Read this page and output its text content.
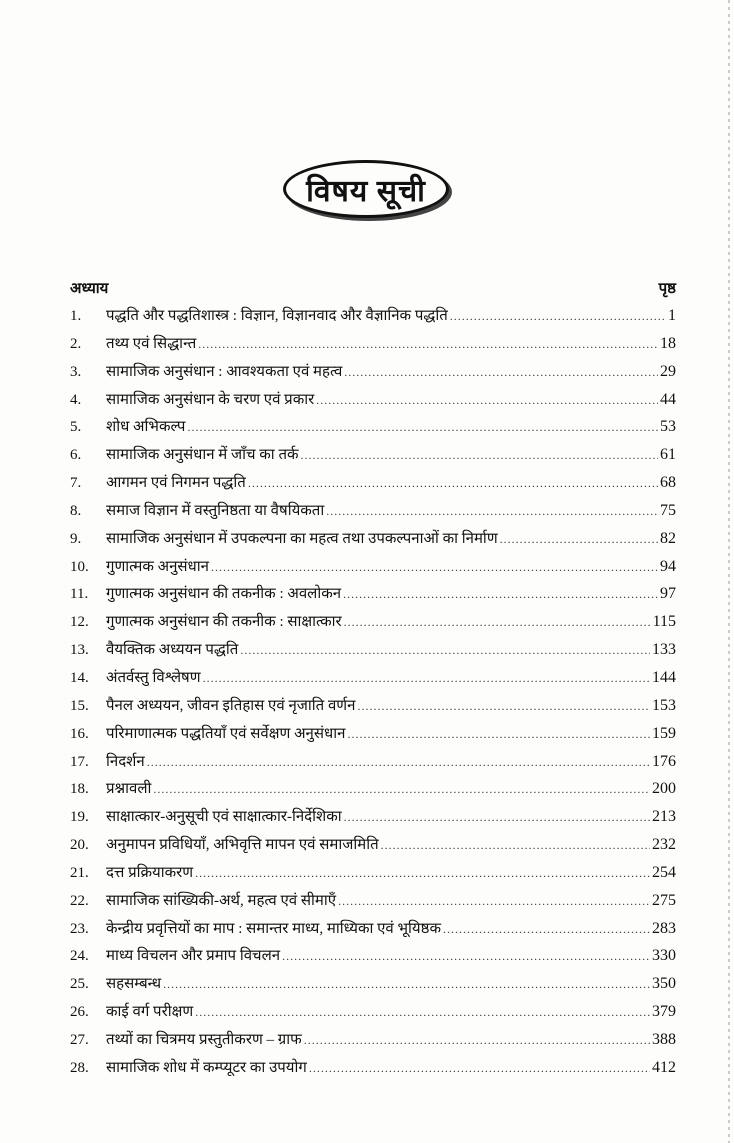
विषय सूची
अध्याय	पृष्ठ
1.	पद्धति और पद्धतिशास्त्र : विज्ञान, विज्ञानवाद और वैज्ञानिक पद्धति .....	1
2.	तथ्य एवं सिद्धान्त .....	18
3.	सामाजिक अनुसंधान : आवश्यकता एवं महत्व .....	29
4.	सामाजिक अनुसंधान के चरण एवं प्रकार .....	44
5.	शोध अभिकल्प .....	53
6.	सामाजिक अनुसंधान में जाँच का तर्क .....	61
7.	आगमन एवं निगमन पद्धति .....	68
8.	समाज विज्ञान में वस्तुनिष्ठता या वैषयिकता .....	75
9.	सामाजिक अनुसंधान में उपकल्पना का महत्व तथा उपकल्पनाओं का निर्माण .....	82
10.	गुणात्मक अनुसंधान .....	94
11.	गुणात्मक अनुसंधान की तकनीक : अवलोकन .....	97
12.	गुणात्मक अनुसंधान की तकनीक : साक्षात्कार .....	115
13.	वैयक्तिक अध्ययन पद्धति .....	133
14.	अंतर्वस्तु विश्लेषण .....	144
15.	पैनल अध्ययन, जीवन इतिहास एवं नृजाति वर्णन .....	153
16.	परिमाणात्मक पद्धतियाँ एवं सर्वेक्षण अनुसंधान .....	159
17.	निदर्शन .....	176
18.	प्रश्नावली .....	200
19.	साक्षात्कार-अनुसूची एवं साक्षात्कार-निर्देशिका .....	213
20.	अनुमापन प्रविधियाँ, अभिवृत्ति मापन एवं समाजमिति .....	232
21.	दत्त प्रक्रियाकरण .....	254
22.	सामाजिक सांख्यिकी-अर्थ, महत्व एवं सीमाएँ .....	275
23.	केन्द्रीय प्रवृत्तियों का माप : समान्तर माध्य, माध्यिका एवं भूयिष्ठक .....	283
24.	माध्य विचलन और प्रमाप विचलन .....	330
25.	सहसम्बन्ध .....	350
26.	काई वर्ग परीक्षण .....	379
27.	तथ्यों का चित्रमय प्रस्तुतीकरण – ग्राफ .....	388
28.	सामाजिक शोध में कम्प्यूटर का उपयोग .....	412
